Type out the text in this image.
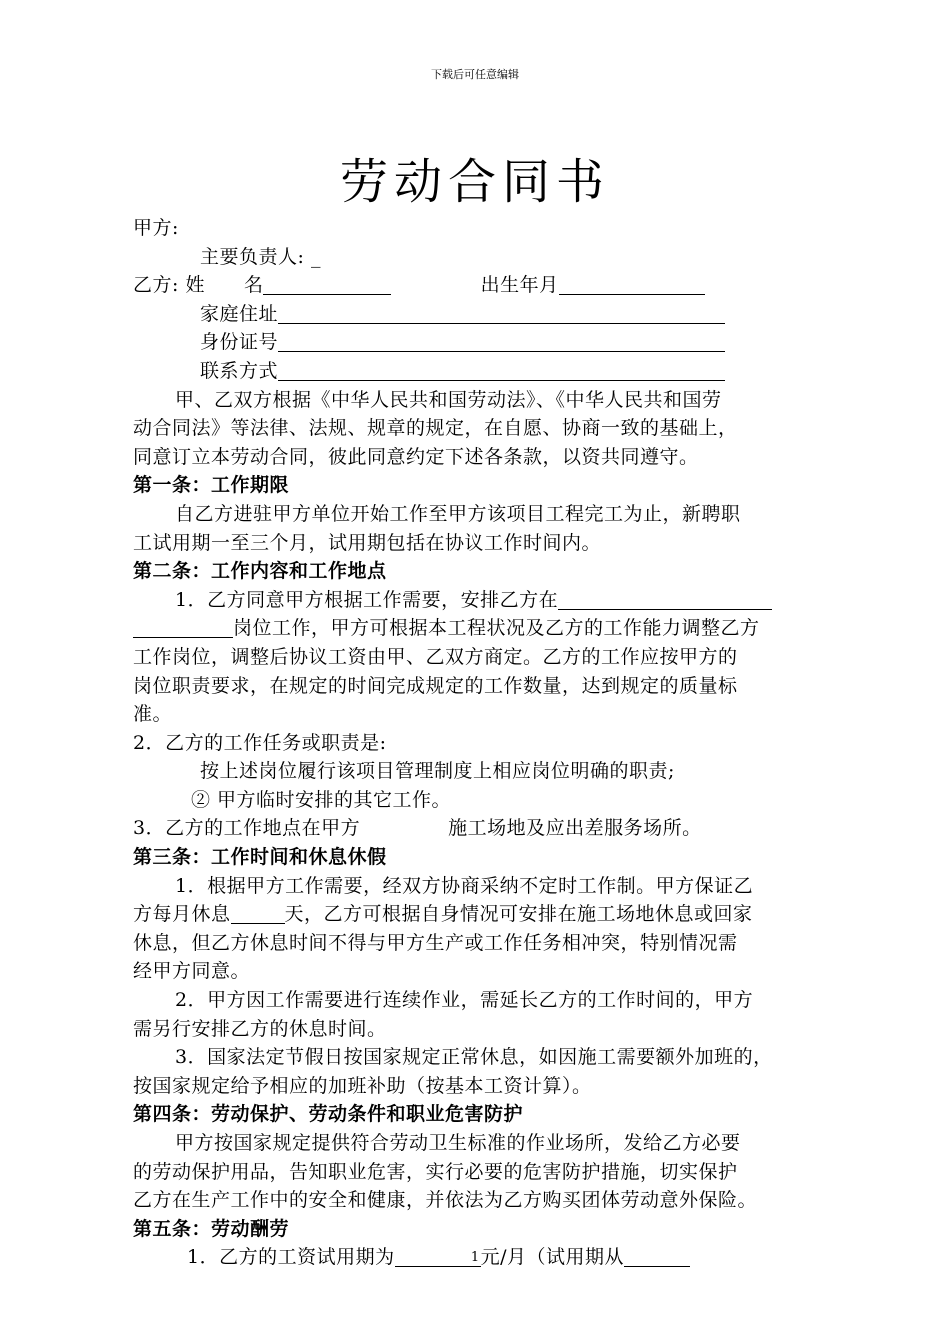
下载后可任意编辑
劳动合同书
甲方:
主要负责人: _
乙方: 姓　　名	出生年月
家庭住址
身份证号
联系方式
甲、乙双方根据《中华人民共和国劳动法》、《中华人民共和国劳
动合同法》等法律、法规、规章的规定，在自愿、协商一致的基础上，
同意订立本劳动合同，彼此同意约定下述各条款，以资共同遵守。
第一条：工作期限
自乙方进驻甲方单位开始工作至甲方该项目工程完工为止，新聘职
工试用期一至三个月，试用期包括在协议工作时间内。
第二条：工作内容和工作地点
1．乙方同意甲方根据工作需要，安排乙方在
岗位工作，甲方可根据本工程状况及乙方的工作能力调整乙方
工作岗位，调整后协议工资由甲、乙双方商定。乙方的工作应按甲方的
岗位职责要求，在规定的时间完成规定的工作数量，达到规定的质量标
准。
2．乙方的工作任务或职责是:
按上述岗位履行该项目管理制度上相应岗位明确的职责;
② 甲方临时安排的其它工作。
3．乙方的工作地点在甲方	施工场地及应出差服务场所。
第三条：工作时间和休息休假
1．根据甲方工作需要，经双方协商采纳不定时工作制。甲方保证乙
方每月休息	天，乙方可根据自身情况可安排在施工场地休息或回家
休息，但乙方休息时间不得与甲方生产或工作任务相冲突，特别情况需
经甲方同意。
2．甲方因工作需要进行连续作业，需延长乙方的工作时间的，甲方
需另行安排乙方的休息时间。
3．国家法定节假日按国家规定正常休息，如因施工需要额外加班的，
按国家规定给予相应的加班补助（按基本工资计算）。
第四条：劳动保护、劳动条件和职业危害防护
甲方按国家规定提供符合劳动卫生标准的作业场所，发给乙方必要
的劳动保护用品，告知职业危害，实行必要的危害防护措施，切实保护
乙方在生产工作中的安全和健康，并依法为乙方购买团体劳动意外保险。
第五条：劳动酬劳
1．乙方的工资试用期为	元/月（试用期从
1
